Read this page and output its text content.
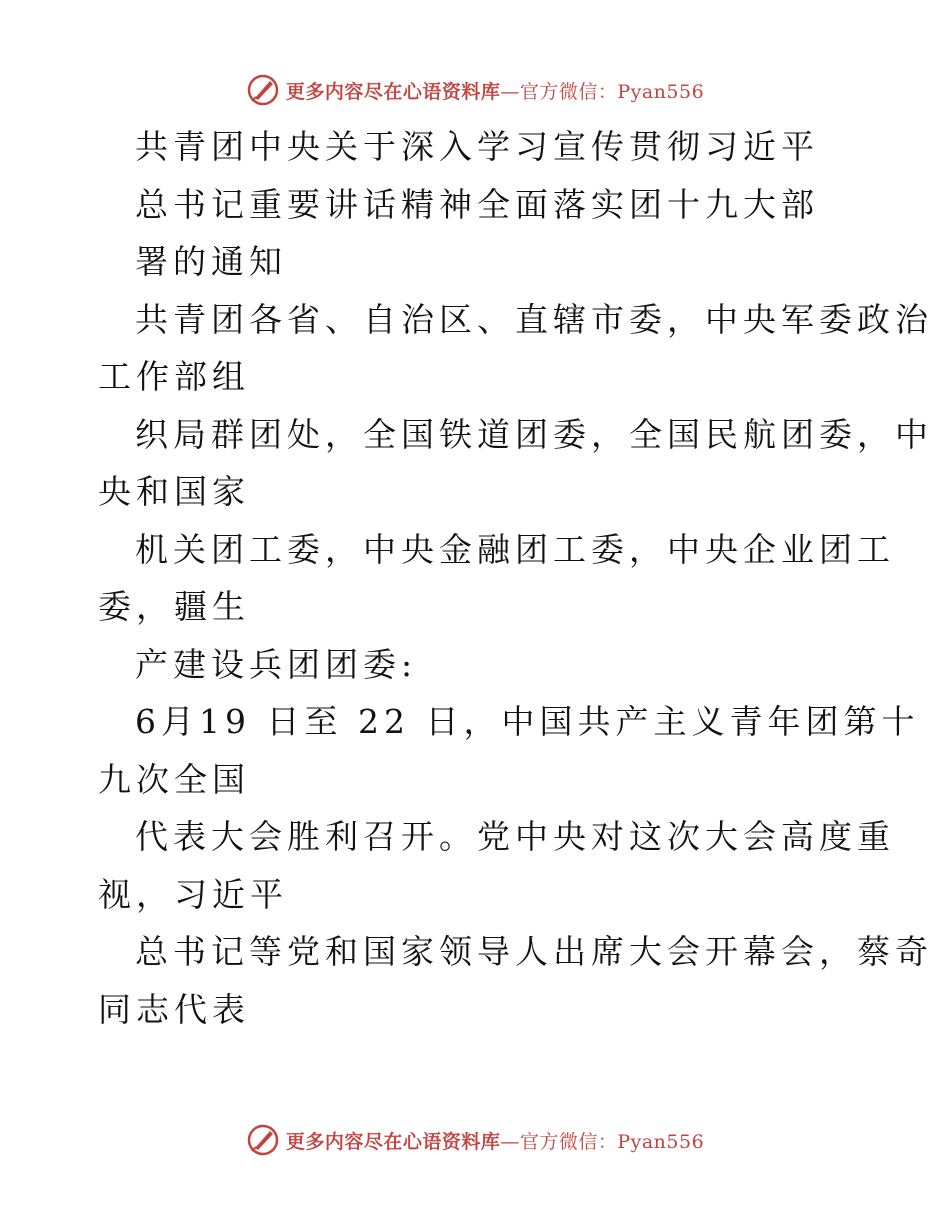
更多内容尽在心语资料库—官方微信：Pyan556
共青团中央关于深入学习宣传贯彻习近平
总书记重要讲话精神全面落实团十九大部
署的通知
共青团各省、自治区、直辖市委，中央军委政治
工作部组
织局群团处，全国铁道团委，全国民航团委，中
央和国家
机关团工委，中央金融团工委，中央企业团工
委，疆生
产建设兵团团委:
6月19 日至 22 日，中国共产主义青年团第十
九次全国
代表大会胜利召开。党中央对这次大会高度重
视，习近平
总书记等党和国家领导人出席大会开幕会，蔡奇
同志代表
更多内容尽在心语资料库—官方微信：Pyan556
